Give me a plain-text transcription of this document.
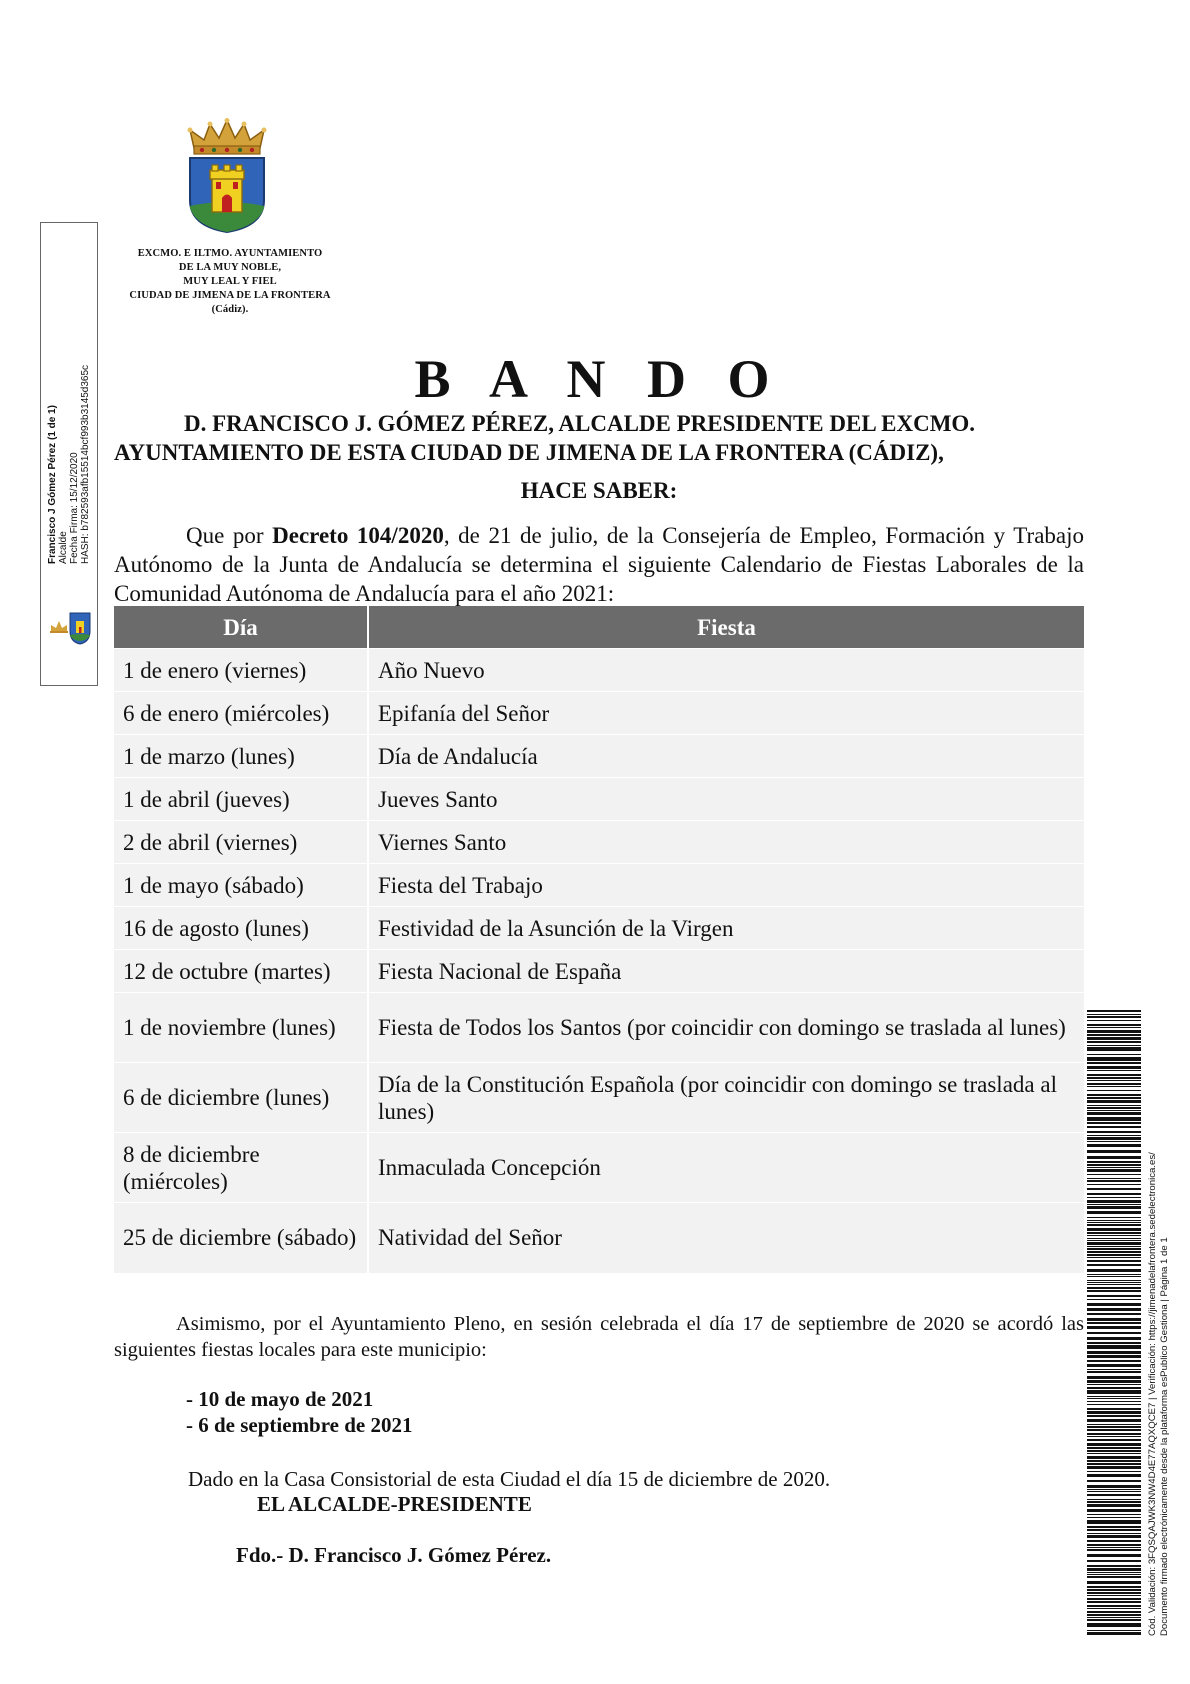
EXCMO. E ILTMO. AYUNTAMIENTO
DE LA MUY NOBLE,
MUY LEAL Y FIEL
CIUDAD DE JIMENA DE LA FRONTERA
(Cádiz).
Francisco J Gómez Pérez (1 de 1) Alcalde Fecha Firma: 15/12/2020 HASH: b782593afb15514bcf993b3145d365c
Cód. Validación: 3FQSQAJWK3NW4D4E77AQXQCE7 | Verificación: https://jimenadelafrontera.sedelectronica.es/ Documento firmado electrónicamente desde la plataforma esPublico Gestiona | Página 1 de 1
B A N D O
D. FRANCISCO J. GÓMEZ PÉREZ, ALCALDE PRESIDENTE DEL EXCMO.
AYUNTAMIENTO DE ESTA CIUDAD DE JIMENA DE LA FRONTERA (CÁDIZ),
HACE SABER:
Que por Decreto 104/2020, de 21 de julio, de la Consejería de Empleo, Formación y Trabajo Autónomo de la Junta de Andalucía se determina el siguiente Calendario de Fiestas Laborales de la Comunidad Autónoma de Andalucía para el año 2021:
Día	Fiesta
1 de enero (viernes)	Año Nuevo
6 de enero (miércoles)	Epifanía del Señor
1 de marzo (lunes)	Día de Andalucía
1 de abril (jueves)	Jueves Santo
2 de abril (viernes)	Viernes Santo
1 de mayo (sábado)	Fiesta del Trabajo
16 de agosto (lunes)	Festividad de la Asunción de la Virgen
12 de octubre (martes)	Fiesta Nacional de España
1 de noviembre (lunes)	Fiesta de Todos los Santos (por coincidir con domingo se traslada al lunes)
6 de diciembre (lunes)	Día de la Constitución Española (por coincidir con domingo se traslada al lunes)
8 de diciembre (miércoles)	Inmaculada Concepción
25 de diciembre (sábado)	Natividad del Señor
Asimismo, por el Ayuntamiento Pleno, en sesión celebrada el día 17 de septiembre de 2020 se acordó las siguientes fiestas locales para este municipio:
- 10 de mayo de 2021
- 6 de septiembre de 2021
Dado en la Casa Consistorial de esta Ciudad el día 15 de diciembre de 2020.
EL ALCALDE-PRESIDENTE
Fdo.- D. Francisco J. Gómez Pérez.
